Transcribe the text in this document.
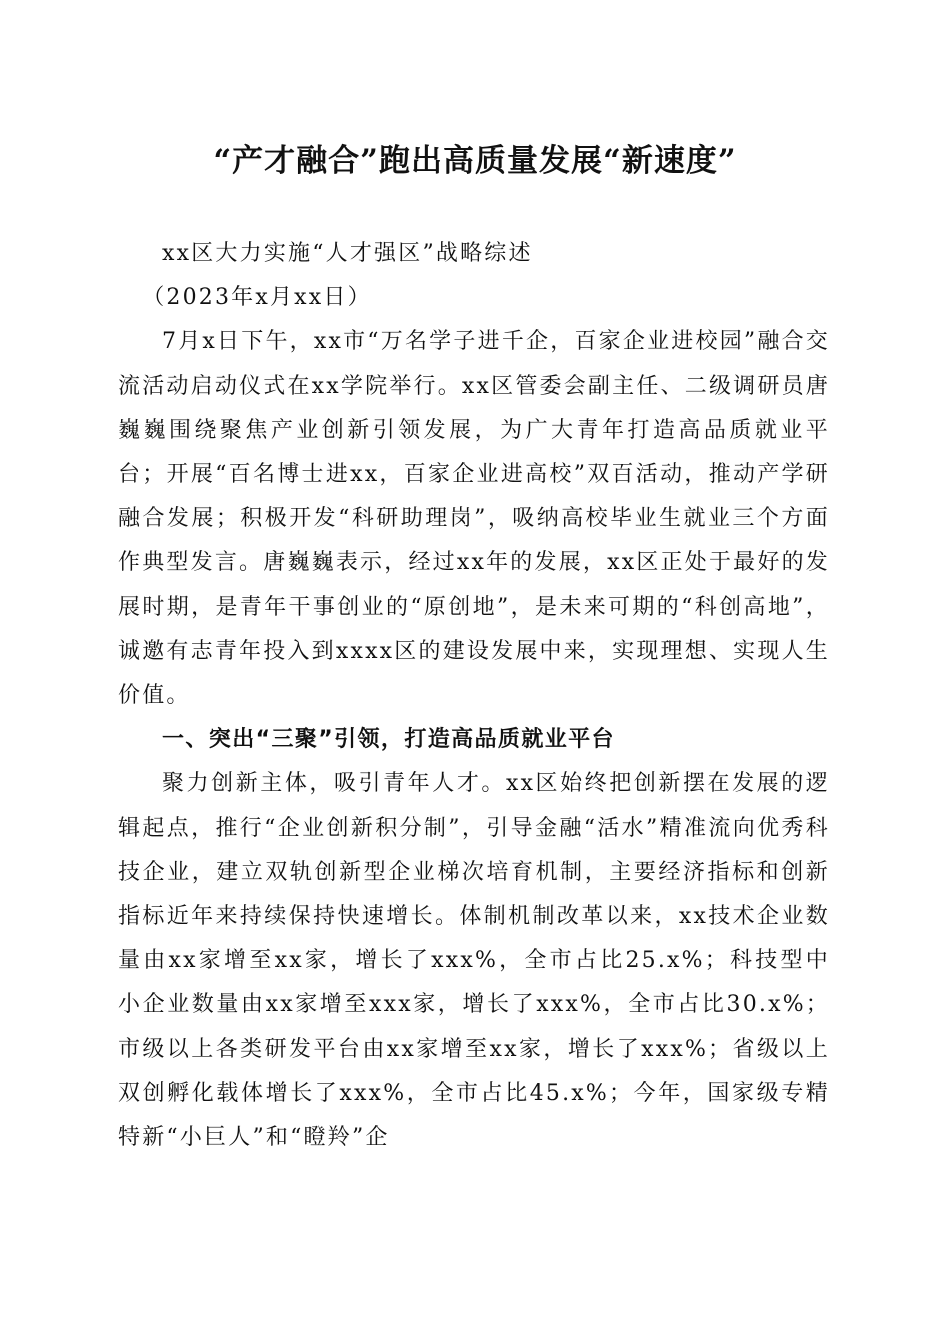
“产才融合”跑出高质量发展“新速度”

xx区大力实施“人才强区”战略综述

（2023年x月xx日）

7月x日下午，xx市“万名学子进千企，百家企业进校园”融合交流活动启动仪式在xx学院举行。xx区管委会副主任、二级调研员唐巍巍围绕聚焦产业创新引领发展，为广大青年打造高品质就业平台；开展“百名博士进xx，百家企业进高校”双百活动，推动产学研融合发展；积极开发“科研助理岗”，吸纳高校毕业生就业三个方面作典型发言。唐巍巍表示，经过xx年的发展，xx区正处于最好的发展时期，是青年干事创业的“原创地”，是未来可期的“科创高地”，诚邀有志青年投入到xxxx区的建设发展中来，实现理想、实现人生价值。

一、突出“三聚”引领，打造高品质就业平台

聚力创新主体，吸引青年人才。xx区始终把创新摆在发展的逻辑起点，推行“企业创新积分制”，引导金融“活水”精准流向优秀科技企业，建立双轨创新型企业梯次培育机制，主要经济指标和创新指标近年来持续保持快速增长。体制机制改革以来，xx技术企业数量由xx家增至xx家，增长了xxx%，全市占比25.x%；科技型中小企业数量由xx家增至xxx家，增长了xxx%，全市占比30.x%；市级以上各类研发平台由xx家增至xx家，增长了xxx%；省级以上双创孵化载体增长了xxx%，全市占比45.x%；今年，国家级专精特新“小巨人”和“瞪羚”企
